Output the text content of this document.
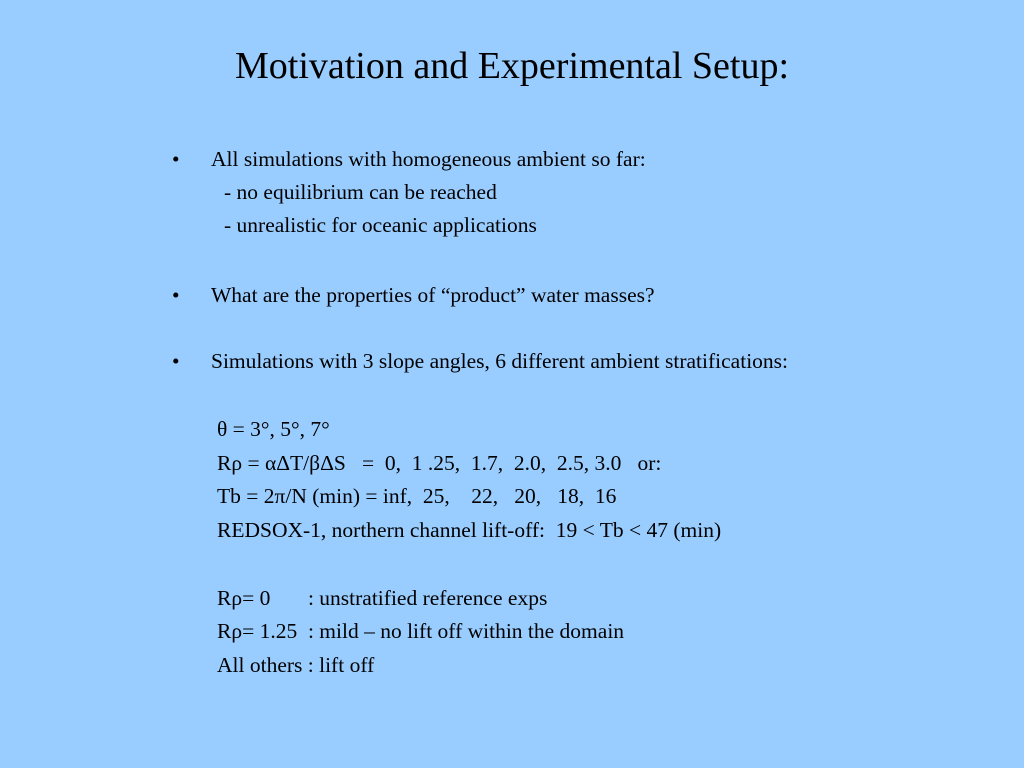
Motivation and Experimental Setup:
• All simulations with homogeneous ambient so far:
- no equilibrium can be reached
- unrealistic for oceanic applications
• What are the properties of “product” water masses?
• Simulations with 3 slope angles, 6 different ambient stratifications:
θ = 3°, 5°, 7°
Rρ = αΔT/βΔS   =  0,  1 .25,  1.7,  2.0,  2.5, 3.0   or:
Tb = 2π/N (min) = inf,  25,    22,   20,   18,  16
REDSOX-1, northern channel lift-off:  19 < Tb < 47 (min)
Rρ= 0       : unstratified reference exps
Rρ= 1.25  : mild – no lift off within the domain
All others : lift off
